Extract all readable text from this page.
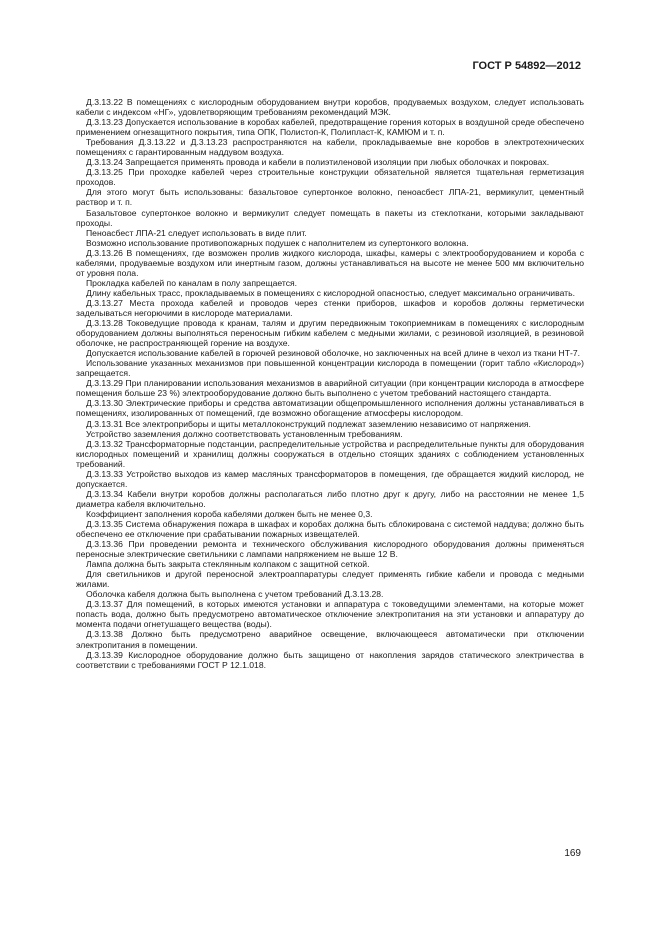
ГОСТ Р 54892—2012

Д.3.13.22 В помещениях с кислородным оборудованием внутри коробов, продуваемых воздухом, следует использовать кабели с индексом «НГ», удовлетворяющим требованиям рекомендаций МЭК.

Д.3.13.23 Допускается использование в коробах кабелей, предотвращение горения которых в воздушной среде обеспечено применением огнезащитного покрытия, типа ОПК, Полистоп-К, Полипласт-К, КАМЮМ и т. п.

Требования Д.3.13.22 и Д.3.13.23 распространяются на кабели, прокладываемые вне коробов в электротехнических помещениях с гарантированным наддувом воздуха.

Д.3.13.24 Запрещается применять провода и кабели в полиэтиленовой изоляции при любых оболочках и покровах.

Д.3.13.25 При проходке кабелей через строительные конструкции обязательной является тщательная герметизация проходов.

Для этого могут быть использованы: базальтовое супертонкое волокно, пеноасбест ЛПА-21, вермикулит, цементный раствор и т. п.

Базальтовое супертонкое волокно и вермикулит следует помещать в пакеты из стеклоткани, которыми закладывают проходы.

Пеноасбест ЛПА-21 следует использовать в виде плит.

Возможно использование противопожарных подушек с наполнителем из супертонкого волокна.

Д.3.13.26 В помещениях, где возможен пролив жидкого кислорода, шкафы, камеры с электрооборудованием и короба с кабелями, продуваемые воздухом или инертным газом, должны устанавливаться на высоте не менее 500 мм включительно от уровня пола.

Прокладка кабелей по каналам в полу запрещается.

Длину кабельных трасс, прокладываемых в помещениях с кислородной опасностью, следует максимально ограничивать.

Д.3.13.27 Места прохода кабелей и проводов через стенки приборов, шкафов и коробов должны герметически заделываться негорючими в кислороде материалами.

Д.3.13.28 Токоведущие провода к кранам, талям и другим передвижным токоприемникам в помещениях с кислородным оборудованием должны выполняться переносным гибким кабелем с медными жилами, с резиновой изоляцией, в резиновой оболочке, не распространяющей горение на воздухе.

Допускается использование кабелей в горючей резиновой оболочке, но заключенных на всей длине в чехол из ткани НТ-7.

Использование указанных механизмов при повышенной концентрации кислорода в помещении (горит табло «Кислород») запрещается.

Д.3.13.29 При планировании использования механизмов в аварийной ситуации (при концентрации кислорода в атмосфере помещения больше 23 %) электрооборудование должно быть выполнено с учетом требований настоящего стандарта.

Д.3.13.30 Электрические приборы и средства автоматизации общепромышленного исполнения должны устанавливаться в помещениях, изолированных от помещений, где возможно обогащение атмосферы кислородом.

Д.3.13.31 Все электроприборы и щиты металлоконструкций подлежат заземлению независимо от напряжения.

Устройство заземления должно соответствовать установленным требованиям.

Д.3.13.32 Трансформаторные подстанции, распределительные устройства и распределительные пункты для оборудования кислородных помещений и хранилищ должны сооружаться в отдельно стоящих зданиях с соблюдением установленных требований.

Д.3.13.33 Устройство выходов из камер масляных трансформаторов в помещения, где обращается жидкий кислород, не допускается.

Д.3.13.34 Кабели внутри коробов должны располагаться либо плотно друг к другу, либо на расстоянии не менее 1,5 диаметра кабеля включительно.

Коэффициент заполнения короба кабелями должен быть не менее 0,3.

Д.3.13.35 Система обнаружения пожара в шкафах и коробах должна быть сблокирована с системой наддува; должно быть обеспечено ее отключение при срабатывании пожарных извещателей.

Д.3.13.36 При проведении ремонта и технического обслуживания кислородного оборудования должны применяться переносные электрические светильники с лампами напряжением не выше 12 В.

Лампа должна быть закрыта стеклянным колпаком с защитной сеткой.

Для светильников и другой переносной электроаппаратуры следует применять гибкие кабели и провода с медными жилами.

Оболочка кабеля должна быть выполнена с учетом требований Д.3.13.28.

Д.3.13.37 Для помещений, в которых имеются установки и аппаратура с токоведущими элементами, на которые может попасть вода, должно быть предусмотрено автоматическое отключение электропитания на эти установки и аппаратуру до момента подачи огнетушащего вещества (воды).

Д.3.13.38 Должно быть предусмотрено аварийное освещение, включающееся автоматически при отключении электропитания в помещении.

Д.3.13.39 Кислородное оборудование должно быть защищено от накопления зарядов статического электричества в соответствии с требованиями ГОСТ Р 12.1.018.

169
